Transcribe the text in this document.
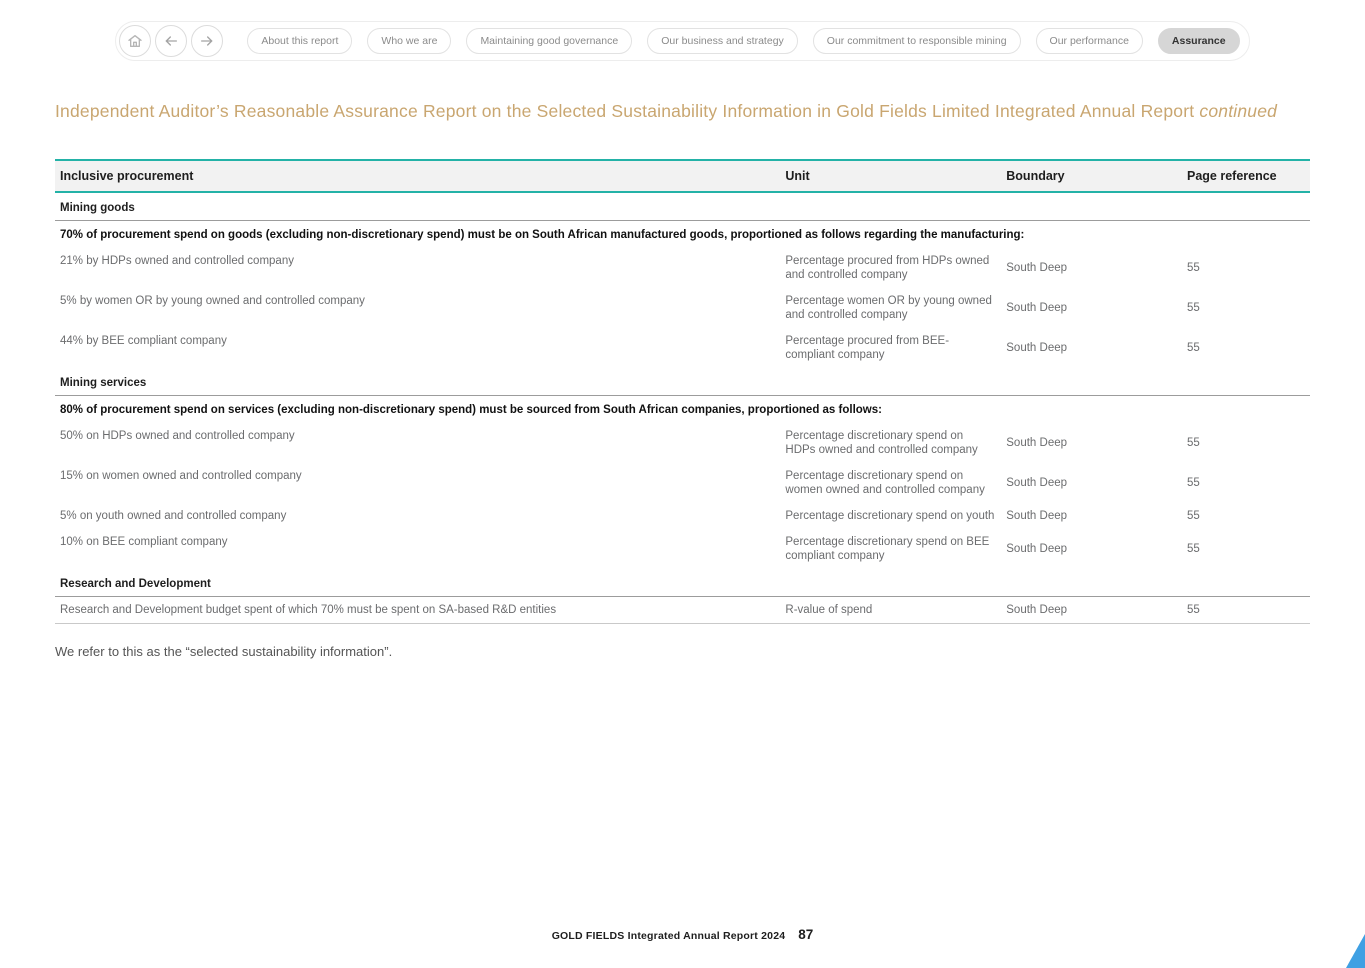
About this report	Who we are	Maintaining good governance	Our business and strategy	Our commitment to responsible mining	Our performance	Assurance
Independent Auditor’s Reasonable Assurance Report on the Selected Sustainability Information in Gold Fields Limited Integrated Annual Report continued
Inclusive procurement	Unit	Boundary	Page reference
Mining goods			
70% of procurement spend on goods (excluding non-discretionary spend) must be on South African manufactured goods, proportioned as follows regarding the manufacturing:			
21% by HDPs owned and controlled company	Percentage procured from HDPs owned and controlled company	South Deep	55
5% by women OR by young owned and controlled company	Percentage women OR by young owned and controlled company	South Deep	55
44% by BEE compliant company	Percentage procured from BEE-compliant company	South Deep	55
Mining services			
80% of procurement spend on services (excluding non-discretionary spend) must be sourced from South African companies, proportioned as follows:			
50% on HDPs owned and controlled company	Percentage discretionary spend on HDPs owned and controlled company	South Deep	55
15% on women owned and controlled company	Percentage discretionary spend on women owned and controlled company	South Deep	55
5% on youth owned and controlled company	Percentage discretionary spend on youth	South Deep	55
10% on BEE compliant company	Percentage discretionary spend on BEE compliant company	South Deep	55
Research and Development			
Research and Development budget spent of which 70% must be spent on SA-based R&D entities	R-value of spend	South Deep	55

We refer to this as the “selected sustainability information”.

GOLD FIELDS Integrated Annual Report 2024 87
